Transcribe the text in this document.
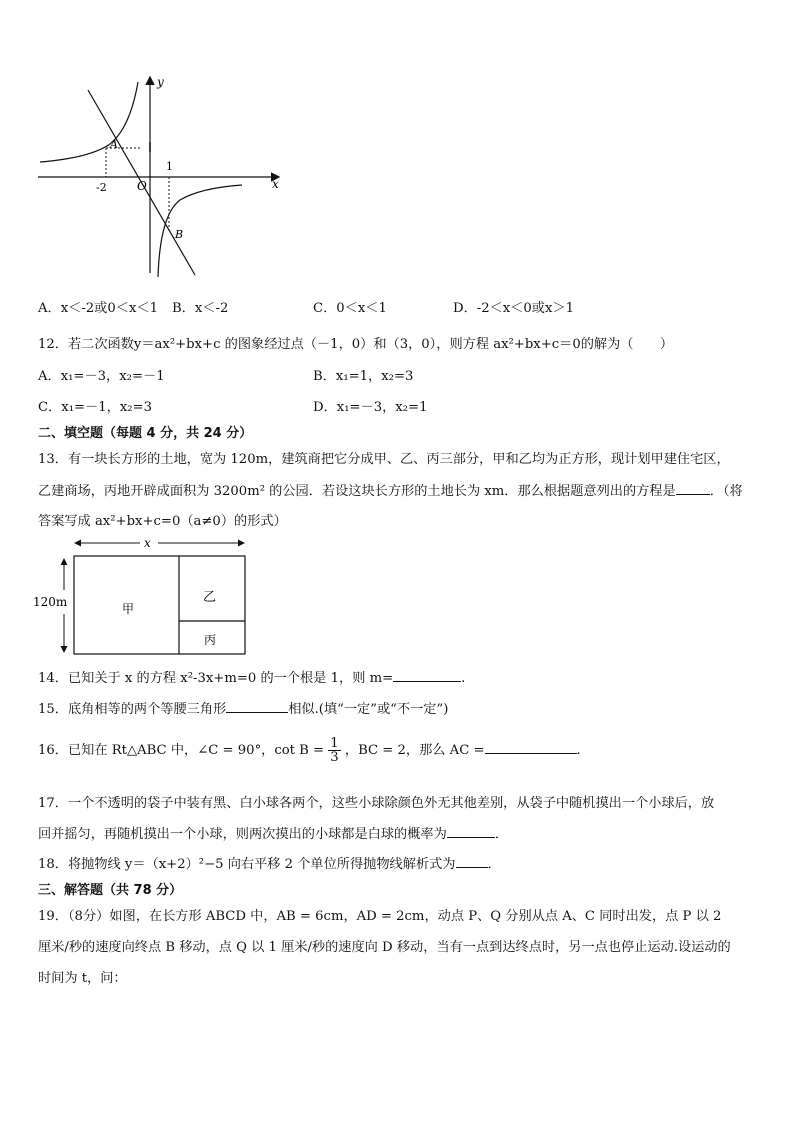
y
x
O
A
B
-2
1
A．x＜-2或0＜x＜1 B．x＜-2	C．0＜x＜1	D．-2＜x＜0或x＞1
12．若二次函数y＝ax²+bx+c 的图象经过点（－1，0）和（3，0），则方程 ax²+bx+c＝0的解为（　　）
A．x₁=－3，x₂=－1	B．x₁=1，x₂=3
C．x₁=－1，x₂=3	D．x₁=－3，x₂=1
二、填空题（每题 4 分，共 24 分）
13．有一块长方形的土地，宽为 120m，建筑商把它分成甲、乙、丙三部分，甲和乙均为正方形，现计划甲建住宅区，
乙建商场，丙地开辟成面积为 3200m² 的公园．若设这块长方形的土地长为 xm．那么根据题意列出的方程是	．（将
答案写成 ax²+bx+c=0（a≠0）的形式）
x
120m	甲
乙
丙
14．已知关于 x 的方程 x²-3x+m=0 的一个根是 1，则 m=	.
15．底角相等的两个等腰三角形	相似.(填“一定”或“不一定”)
16．已知在 Rt△ABC 中，∠C = 90°，$\cot B = \frac{1}{3}$ ，BC = 2，那么 AC =	.
17．一个不透明的袋子中装有黑、白小球各两个，这些小球除颜色外无其他差别，从袋子中随机摸出一个小球后，放
回并摇匀，再随机摸出一个小球，则两次摸出的小球都是白球的概率为	．
18．将抛物线 y＝（x+2）²−5 向右平移 2 个单位所得抛物线解析式为 ．
三、解答题（共 78 分）
19．（8分）如图，在长方形 ABCD 中，AB = 6cm，AD = 2cm，动点 P、Q 分别从点 A、C 同时出发，点 P 以 2
厘米/秒的速度向终点 B 移动，点 Q 以 1 厘米/秒的速度向 D 移动，当有一点到达终点时，另一点也停止运动.设运动的
时间为 t，问：
